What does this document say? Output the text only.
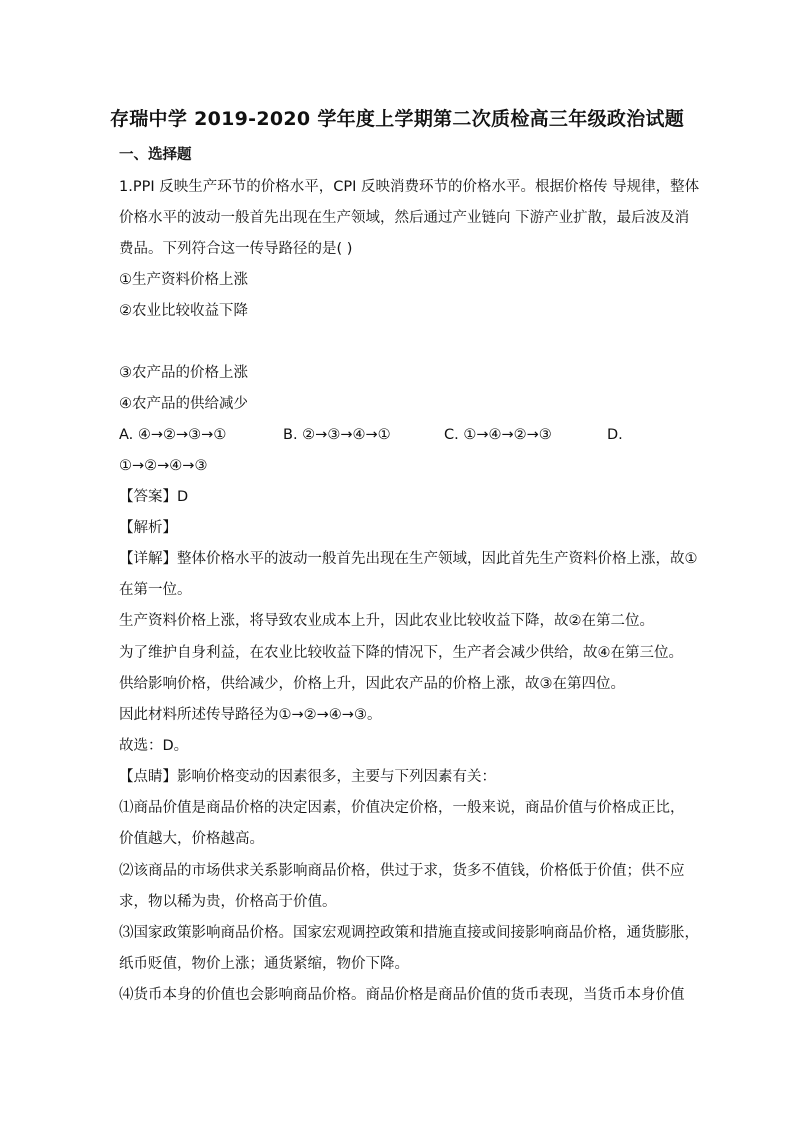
存瑞中学 2019-2020 学年度上学期第二次质检高三年级政治试题
一、选择题
1.PPI 反映生产环节的价格水平，CPI 反映消费环节的价格水平。根据价格传 导规律，整体
价格水平的波动一般首先出现在生产领域，然后通过产业链向 下游产业扩散，最后波及消
费品。下列符合这一传导路径的是( )
①生产资料价格上涨
②农业比较收益下降
③农产品的价格上涨
④农产品的供给减少
A. ④→②→③→①	B. ②→③→④→①	C. ①→④→②→③	D.
①→②→④→③
【答案】D
【解析】
【详解】整体价格水平的波动一般首先出现在生产领域，因此首先生产资料价格上涨，故①
在第一位。
生产资料价格上涨，将导致农业成本上升，因此农业比较收益下降，故②在第二位。
为了维护自身利益，在农业比较收益下降的情况下，生产者会减少供给，故④在第三位。
供给影响价格，供给减少，价格上升，因此农产品的价格上涨，故③在第四位。
因此材料所述传导路径为①→②→④→③。
故选：D。
【点睛】影响价格变动的因素很多，主要与下列因素有关：
⑴商品价值是商品价格的决定因素，价值决定价格，一般来说，商品价值与价格成正比，
价值越大，价格越高。
⑵该商品的市场供求关系影响商品价格，供过于求，货多不值钱，价格低于价值；供不应
求，物以稀为贵，价格高于价值。
⑶国家政策影响商品价格。国家宏观调控政策和措施直接或间接影响商品价格，通货膨胀，
纸币贬值，物价上涨；通货紧缩，物价下降。
⑷货币本身的价值也会影响商品价格。商品价格是商品价值的货币表现，当货币本身价值
